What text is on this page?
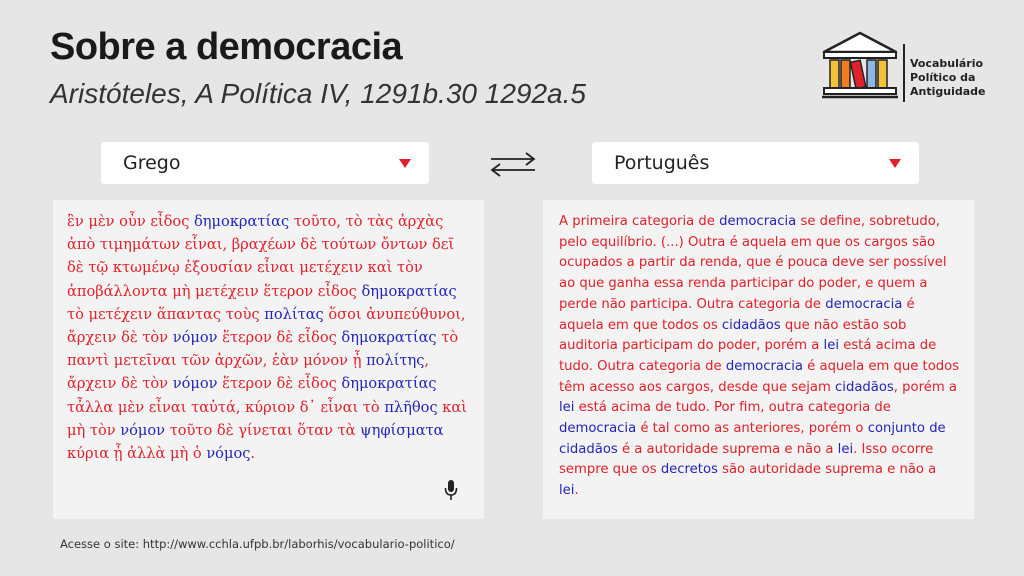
Sobre a democracia
Aristóteles, A Política IV, 1291b.30 1292a.5
Vocabulário
Político da
Antiguidade
Grego	Português
ἒν μὲν οὖν εἶδος δημοκρατίας τοῦτο, τὸ τὰς ἀρχὰς ἀπὸ τιμημάτων εἶναι, βραχέων δὲ τούτων ὄντων δεῖ δὲ τῷ κτωμένῳ ἐξουσίαν εἶναι μετέχειν καὶ τὸν ἀποβάλλοντα μὴ μετέχειν ἕτερον εἶδος δημοκρατίας τὸ μετέχειν ἅπαντας τοὺς πολίτας ὅσοι ἀνυπεύθυνοι, ἄρχειν δὲ τὸν νόμον ἕτερον δὲ εἶδος δημοκρατίας τὸ παντὶ μετεῖναι τῶν ἀρχῶν, ἐὰν μόνον ᾖ πολίτης, ἄρχειν δὲ τὸν νόμον ἕτερον δὲ εἶδος δημοκρατίας τἆλλα μὲν εἶναι ταὐτά, κύριον δ᾽ εἶναι τὸ πλῆθος καὶ μὴ τὸν νόμον τοῦτο δὲ γίνεται ὅταν τὰ ψηφίσματα κύρια ᾖ ἀλλὰ μὴ ὁ νόμος.
A primeira categoria de democracia se define, sobretudo, pelo equilíbrio. (...) Outra é aquela em que os cargos são ocupados a partir da renda, que é pouca deve ser possível ao que ganha essa renda participar do poder, e quem a perde não participa. Outra categoria de democracia é aquela em que todos os cidadãos que não estão sob auditoria participam do poder, porém a lei está acima de tudo. Outra categoria de democracia é aquela em que todos têm acesso aos cargos, desde que sejam cidadãos, porém a lei está acima de tudo. Por fim, outra categoria de democracia é tal como as anteriores, porém o conjunto de cidadãos é a autoridade suprema e não a lei. Isso ocorre sempre que os decretos são autoridade suprema e não a lei.
Acesse o site: http://www.cchla.ufpb.br/laborhis/vocabulario-politico/
